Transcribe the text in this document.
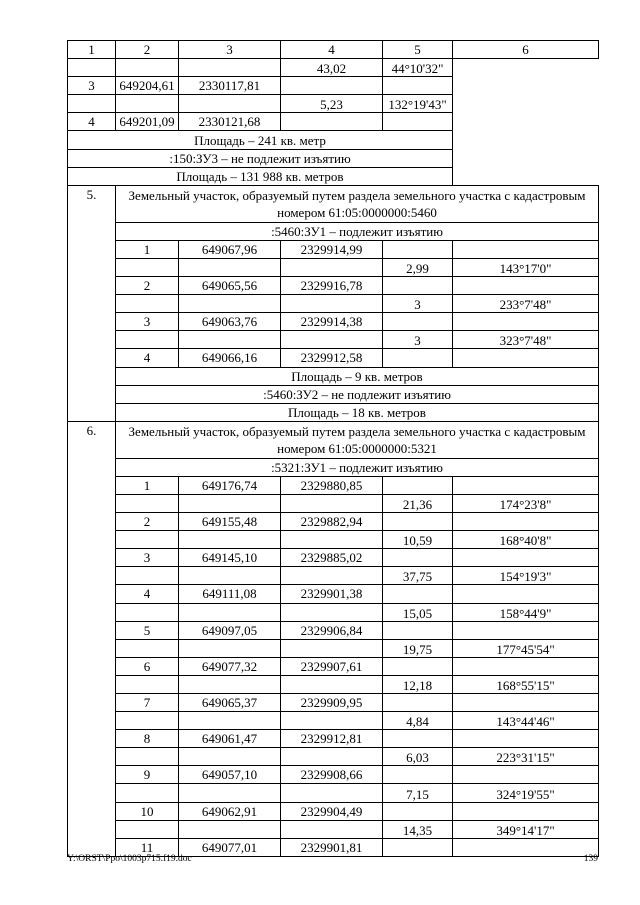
1	2	3	4	5	6
			43,02	44°10'32"	
3	649204,61	2330117,81			
			5,23	132°19'43"	
4	649201,09	2330121,68			
Площадь – 241 кв. метр					
:150:ЗУ3 – не подлежит изъятию					
Площадь – 131 988 кв. метров					
5.	Земельный участок, образуемый путем раздела земельного участка с кадастровым номером 61:05:0000000:5460				
	:5460:ЗУ1 – подлежит изъятию				
	1	649067,96	2329914,99		
				2,99	143°17'0"
	2	649065,56	2329916,78		
				3	233°7'48"
	3	649063,76	2329914,38		
				3	323°7'48"
	4	649066,16	2329912,58		
	Площадь – 9 кв. метров				
	:5460:ЗУ2 – не подлежит изъятию				
	Площадь – 18 кв. метров				
6.	Земельный участок, образуемый путем раздела земельного участка с кадастровым номером 61:05:0000000:5321				
	:5321:ЗУ1 – подлежит изъятию				
	1	649176,74	2329880,85		
				21,36	174°23'8"
	2	649155,48	2329882,94		
				10,59	168°40'8"
	3	649145,10	2329885,02		
				37,75	154°19'3"
	4	649111,08	2329901,38		
				15,05	158°44'9"
	5	649097,05	2329906,84		
				19,75	177°45'54"
	6	649077,32	2329907,61		
				12,18	168°55'15"
	7	649065,37	2329909,95		
				4,84	143°44'46"
	8	649061,47	2329912,81		
				6,03	223°31'15"
	9	649057,10	2329908,66		
				7,15	324°19'55"
	10	649062,91	2329904,49		
				14,35	349°14'17"
	11	649077,01	2329901,81		
Y:\ORST\Ppo\1003p715.f19.doc	139
